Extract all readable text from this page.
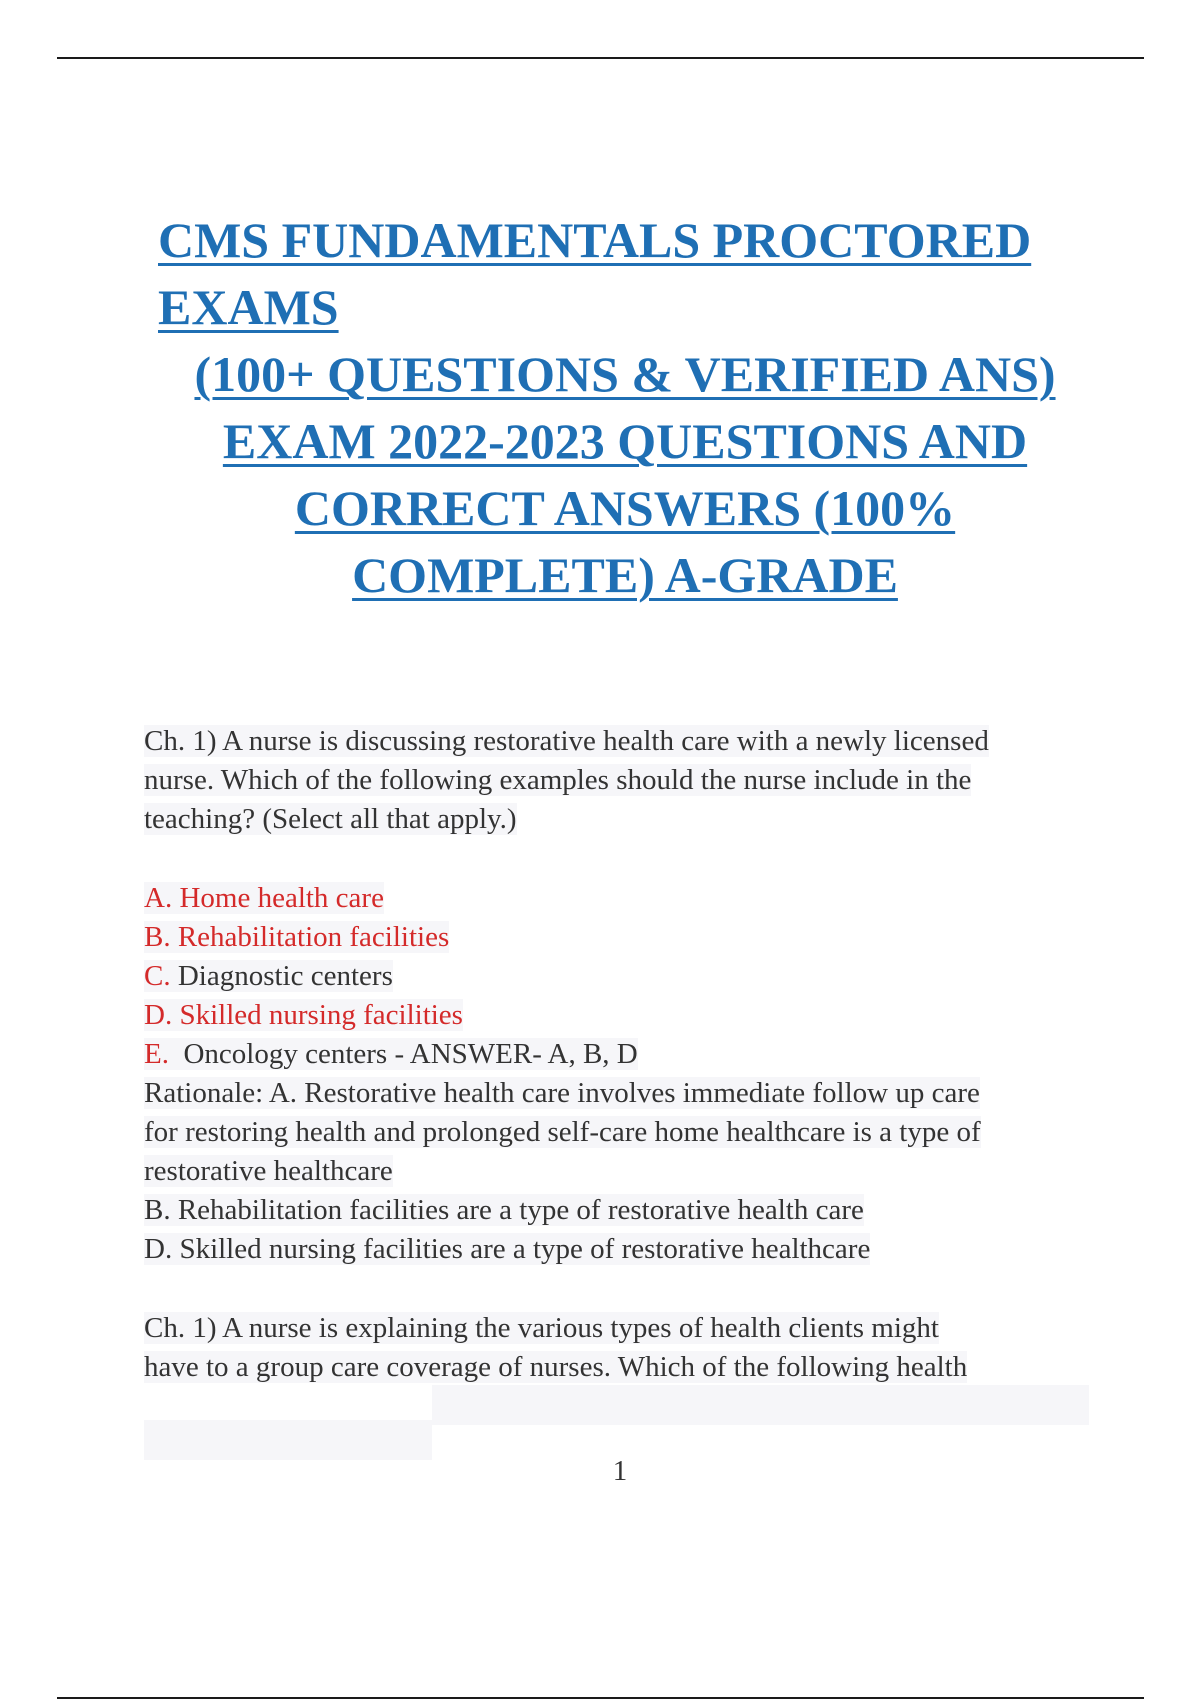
CMS FUNDAMENTALS PROCTORED
EXAMS
(100+ QUESTIONS & VERIFIED ANS)
EXAM 2022-2023 QUESTIONS AND
CORRECT ANSWERS (100%
COMPLETE) A-GRADE
Ch. 1) A nurse is discussing restorative health care with a newly licensed
nurse. Which of the following examples should the nurse include in the
teaching? (Select all that apply.)
A. Home health care
B. Rehabilitation facilities
C. Diagnostic centers
D. Skilled nursing facilities
E.  Oncology centers - ANSWER- A, B, D
Rationale: A. Restorative health care involves immediate follow up care
for restoring health and prolonged self-care home healthcare is a type of
restorative healthcare
B. Rehabilitation facilities are a type of restorative health care
D. Skilled nursing facilities are a type of restorative healthcare
Ch. 1) A nurse is explaining the various types of health clients might
have to a group care coverage of nurses. Which of the following health
1
